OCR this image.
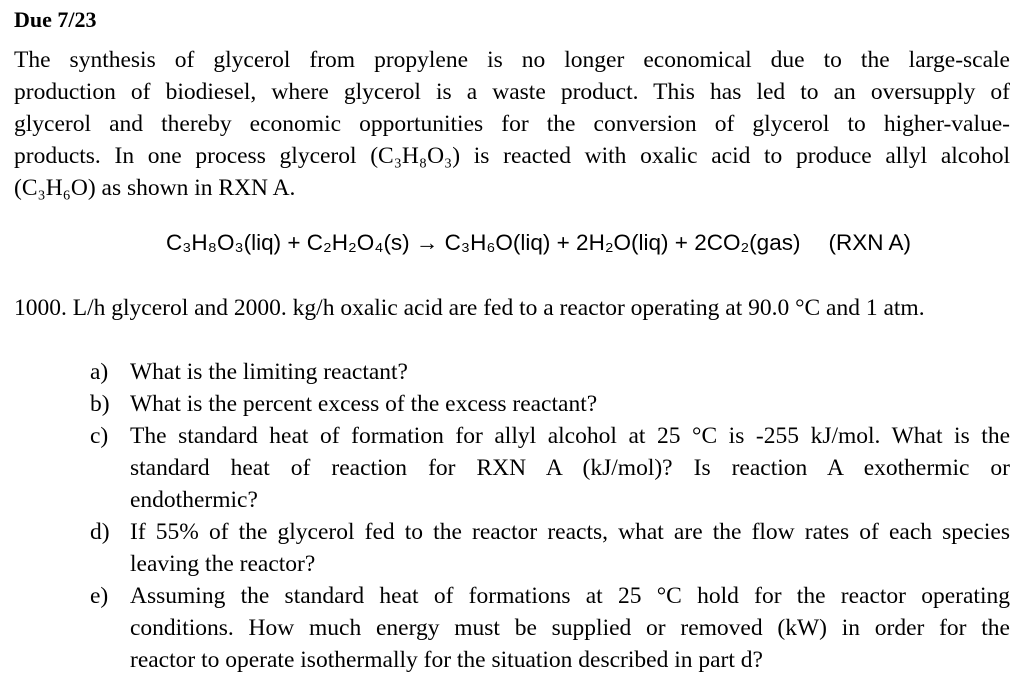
Due 7/23
The synthesis of glycerol from propylene is no longer economical due to the large-scale
production of biodiesel, where glycerol is a waste product. This has led to an oversupply of
glycerol and thereby economic opportunities for the conversion of glycerol to higher-value-
products. In one process glycerol (C₃H₈O₃) is reacted with oxalic acid to produce allyl alcohol
(C₃H₆O) as shown in RXN A.
C₃H₈O₃(liq) + C₂H₂O₄(s) → C₃H₆O(liq) + 2H₂O(liq) + 2CO₂(gas) (RXN A)
1000. L/h glycerol and 2000. kg/h oxalic acid are fed to a reactor operating at 90.0 °C and 1 atm.
a) What is the limiting reactant?
b) What is the percent excess of the excess reactant?
c) The standard heat of formation for allyl alcohol at 25 °C is -255 kJ/mol. What is the
standard heat of reaction for RXN A (kJ/mol)? Is reaction A exothermic or
endothermic?
d) If 55% of the glycerol fed to the reactor reacts, what are the flow rates of each species
leaving the reactor?
e) Assuming the standard heat of formations at 25 °C hold for the reactor operating
conditions. How much energy must be supplied or removed (kW) in order for the
reactor to operate isothermally for the situation described in part d?
